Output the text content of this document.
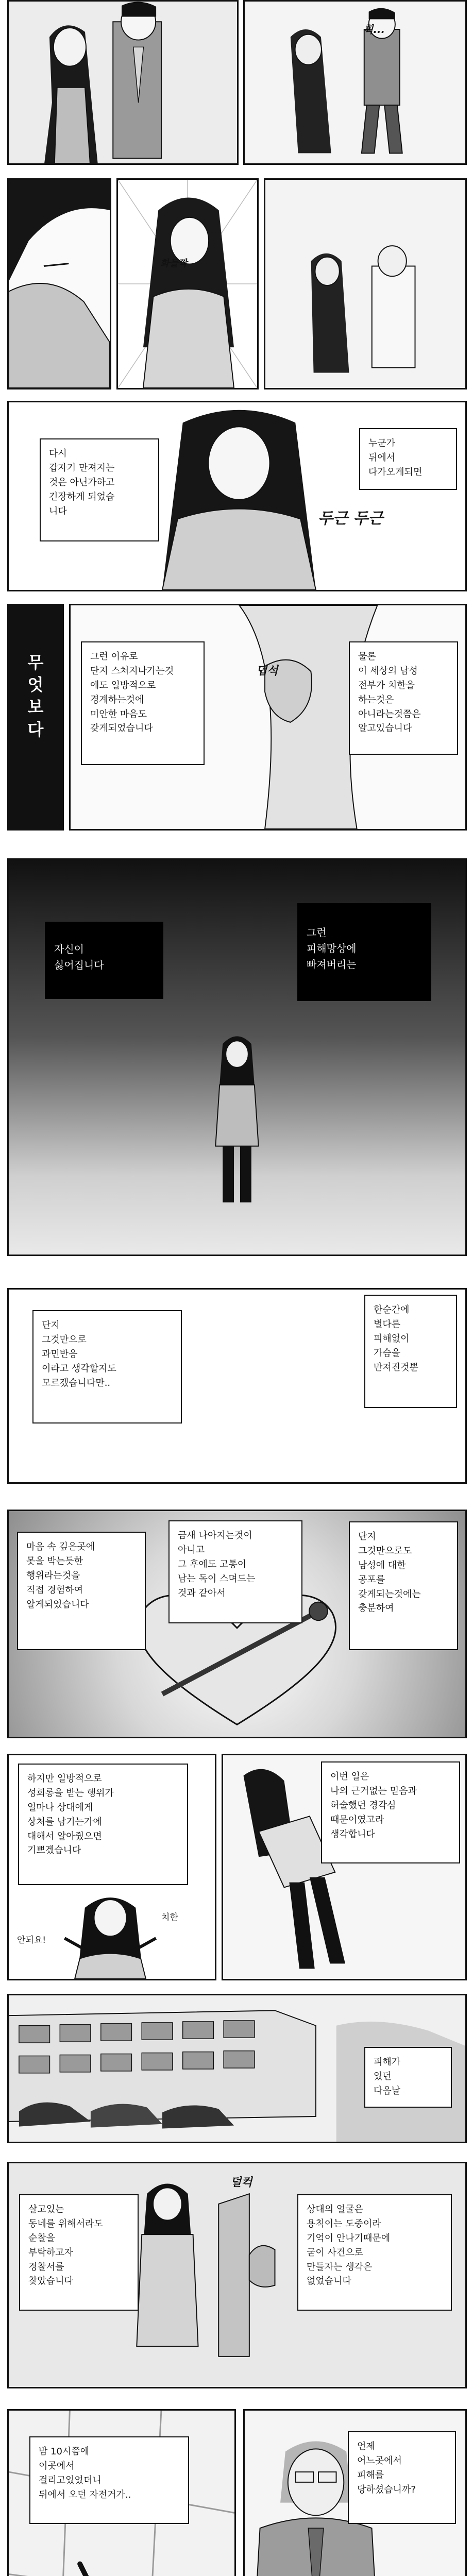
휙...
화들짝
다시
갑자기 만져지는
것은 아닌가하고
긴장하게 되었습
니다
누군가
뒤에서
다가오게되면
두근 두근
무
엇
보
다
그런 이유로
단지 스쳐지나가는것
에도 일방적으로
경계하는것에
미안한 마음도
갖게되었습니다
물론
이 세상의 남성
전부가 치한을
하는것은
아니라는것쯤은
알고있습니다
덥석
자신이
싫어집니다
그런
피해망상에
빠져버리는
단지
그것만으로
과민반응
이라고 생각할지도
모르겠습니다만..
한순간에
별다른
피해없이
가슴을
만져진것뿐
마음 속 깊은곳에
못을 박는듯한
행위라는것을
직접 경험하여
알게되었습니다
금새 나아지는것이
아니고
그 후에도 고통이
남는 독이 스며드는
것과 같아서
단지
그것만으로도
남성에 대한
공포를
갖게되는것에는
충분하여
하지만 일방적으로
성희롱을 받는 행위가
얼마나 상대에게
상처를 남기는가에
대해서 알아줬으면
기쁘겠습니다
치한
안되요!
이번 일은
나의 근거없는 믿음과
허술했던 경각심
때문이였고라
생각합니다
피해가
있던
다음날
살고있는
동네를 위해서라도
순찰을
부탁하고자
경찰서를
찾았습니다
상대의 얼굴은
용칙이는 도중이라
기억이 안나기때문에
굳이 사건으로
만들자는 생각은
없었습니다
덜컥
밤 10시쯤에
이곳에서
걸리고있었더니
뒤에서 오던 자전거가..
언제
어느곳에서
피해를
당하셨습니까?
